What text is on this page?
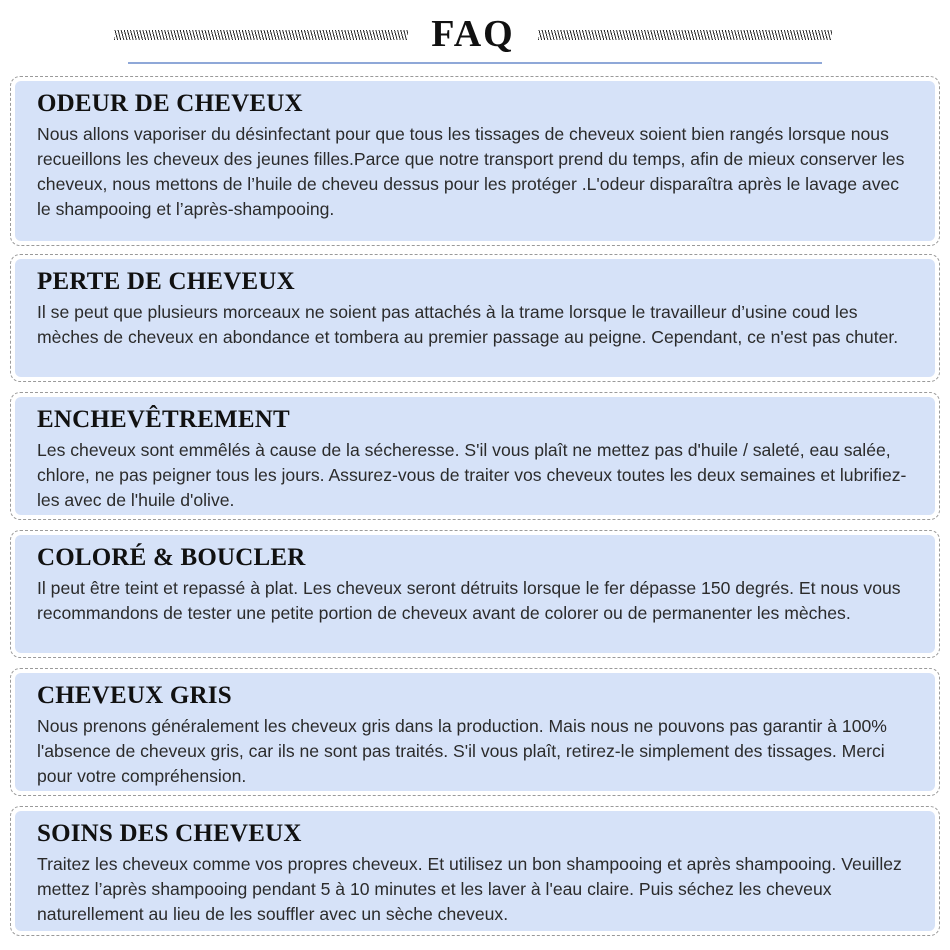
FAQ
ODEUR DE CHEVEUX
Nous allons vaporiser du désinfectant pour que tous les tissages de cheveux soient bien rangés lorsque nous recueillons les cheveux des jeunes filles.Parce que notre transport prend du temps, afin de mieux conserver les cheveux, nous mettons de l’huile de cheveu dessus pour les protéger .L'odeur disparaîtra après le lavage avec le shampooing et l’après-shampooing.
PERTE DE CHEVEUX
Il se peut que plusieurs morceaux ne soient pas attachés à la trame lorsque le travailleur d’usine coud les mèches de cheveux en abondance et tombera au premier passage au peigne. Cependant, ce n'est pas chuter.
ENCHEVÊTREMENT
Les cheveux sont emmêlés à cause de la sécheresse. S'il vous plaît ne mettez pas d'huile / saleté, eau salée, chlore, ne pas peigner tous les jours. Assurez-vous de traiter vos cheveux toutes les deux semaines et lubrifiez-les avec de l'huile d'olive.
COLORÉ & BOUCLER
Il peut être teint et repassé à plat. Les cheveux seront détruits lorsque le fer dépasse 150 degrés. Et nous vous recommandons de tester une petite portion de cheveux avant de colorer ou de permanenter les mèches.
CHEVEUX GRIS
Nous prenons généralement les cheveux gris dans la production. Mais nous ne pouvons pas garantir à 100% l'absence de cheveux gris, car ils ne sont pas traités. S'il vous plaît, retirez-le simplement des tissages. Merci pour votre compréhension.
SOINS DES CHEVEUX
Traitez les cheveux comme vos propres cheveux. Et utilisez un bon shampooing et après shampooing. Veuillez mettez l’après shampooing pendant 5 à 10 minutes et les laver à l'eau claire. Puis séchez les cheveux naturellement au lieu de les souffler avec un sèche cheveux.
